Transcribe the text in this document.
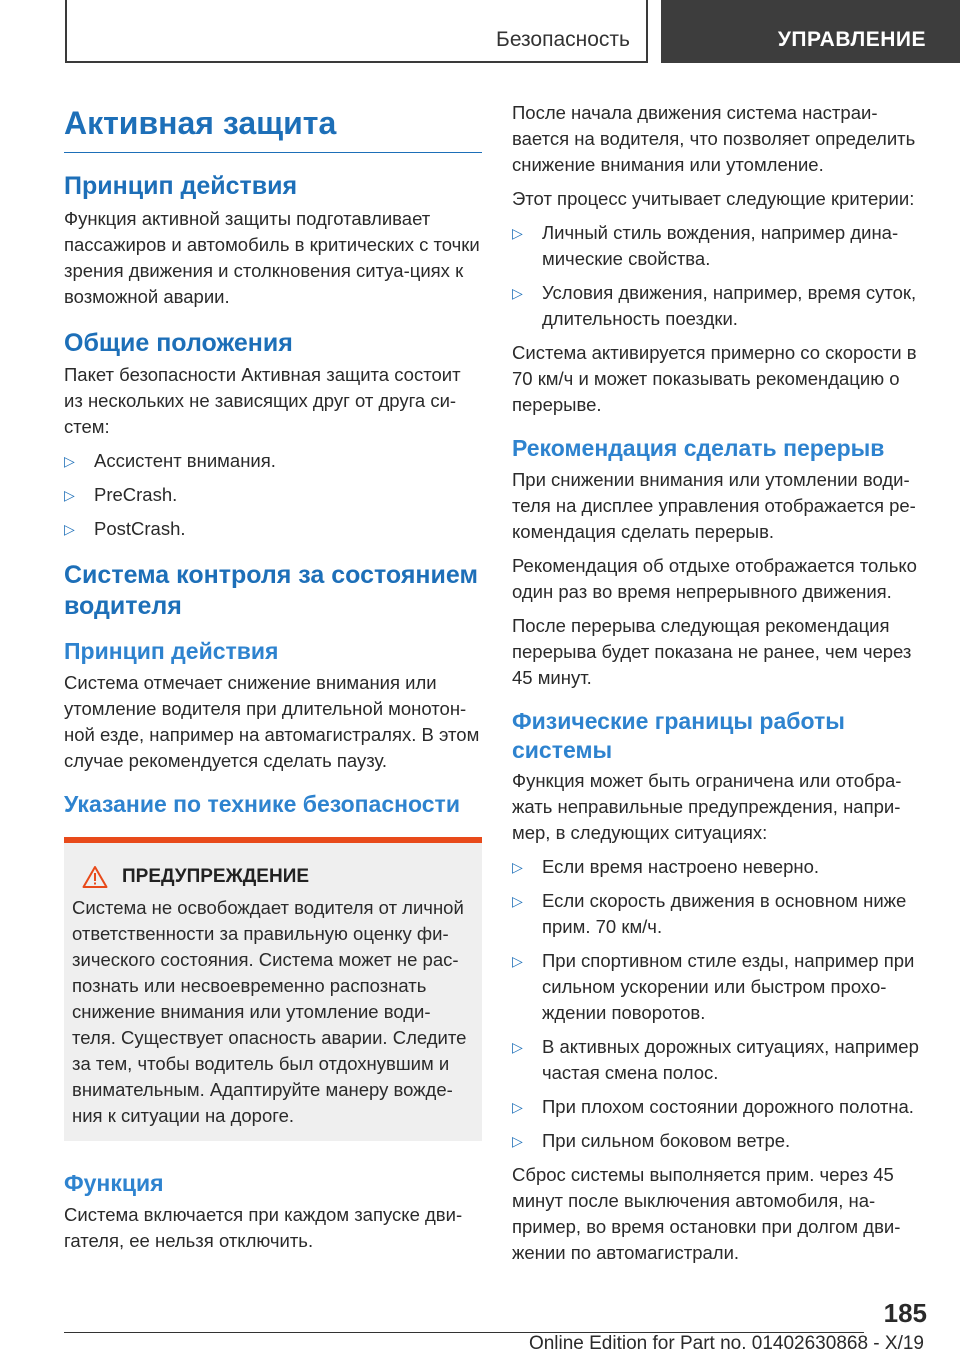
Безопасность	УПРАВЛЕНИЕ
Активная защита
Принцип действия

Функция активной защиты подготавливает пассажиров и автомобиль в критических с точки зрения движения и столкновения ситуа-циях к возможной аварии.

Общие положения

Пакет безопасности Активная защита состоит из нескольких не зависящих друг от друга си-стем:

▷ Ассистент внимания.
▷ PreCrash.
▷ PostCrash.
Система контроля за состоянием водителя
Принцип действия

Система отмечает снижение внимания или утомление водителя при длительной монотон-ной езде, например на автомагистралях. В этом случае рекомендуется сделать паузу.

Указание по технике безопасности
ПРЕДУПРЕЖДЕНИЕ

Система не освобождает водителя от личной ответственности за правильную оценку фи-зического состояния. Система может не рас-познать или несвоевременно распознать снижение внимания или утомление води-теля. Существует опасность аварии. Следите за тем, чтобы водитель был отдохнувшим и внимательным. Адаптируйте манеру вожде-ния к ситуации на дороге.

Функция

Система включается при каждом запуске дви-гателя, ее нельзя отключить.

После начала движения система настраи-вается на водителя, что позволяет определить снижение внимания или утомление.

Этот процесс учитывает следующие критерии:

▷ Личный стиль вождения, например дина-мические свойства.
▷ Условия движения, например, время суток, длительность поездки.

Система активируется примерно со скорости в 70 км/ч и может показывать рекомендацию о перерыве.

Рекомендация сделать перерыв

При снижении внимания или утомлении води-теля на дисплее управления отображается ре-комендация сделать перерыв.

Рекомендация об отдыхе отображается только один раз во время непрерывного движения.

После перерыва следующая рекомендация перерыва будет показана не ранее, чем через 45 минут.

Физические границы работы системы

Функция может быть ограничена или отобра-жать неправильные предупреждения, напри-мер, в следующих ситуациях:

▷ Если время настроено неверно.
▷ Если скорость движения в основном ниже прим. 70 км/ч.
▷ При спортивном стиле езды, например при сильном ускорении или быстром прохо-ждении поворотов.
▷ В активных дорожных ситуациях, например частая смена полос.
▷ При плохом состоянии дорожного полотна.
▷ При сильном боковом ветре.

Сброс системы выполняется прим. через 45 минут после выключения автомобиля, на-пример, во время остановки при долгом дви-жении по автомагистрали.

185
Online Edition for Part no. 01402630868 - X/19
